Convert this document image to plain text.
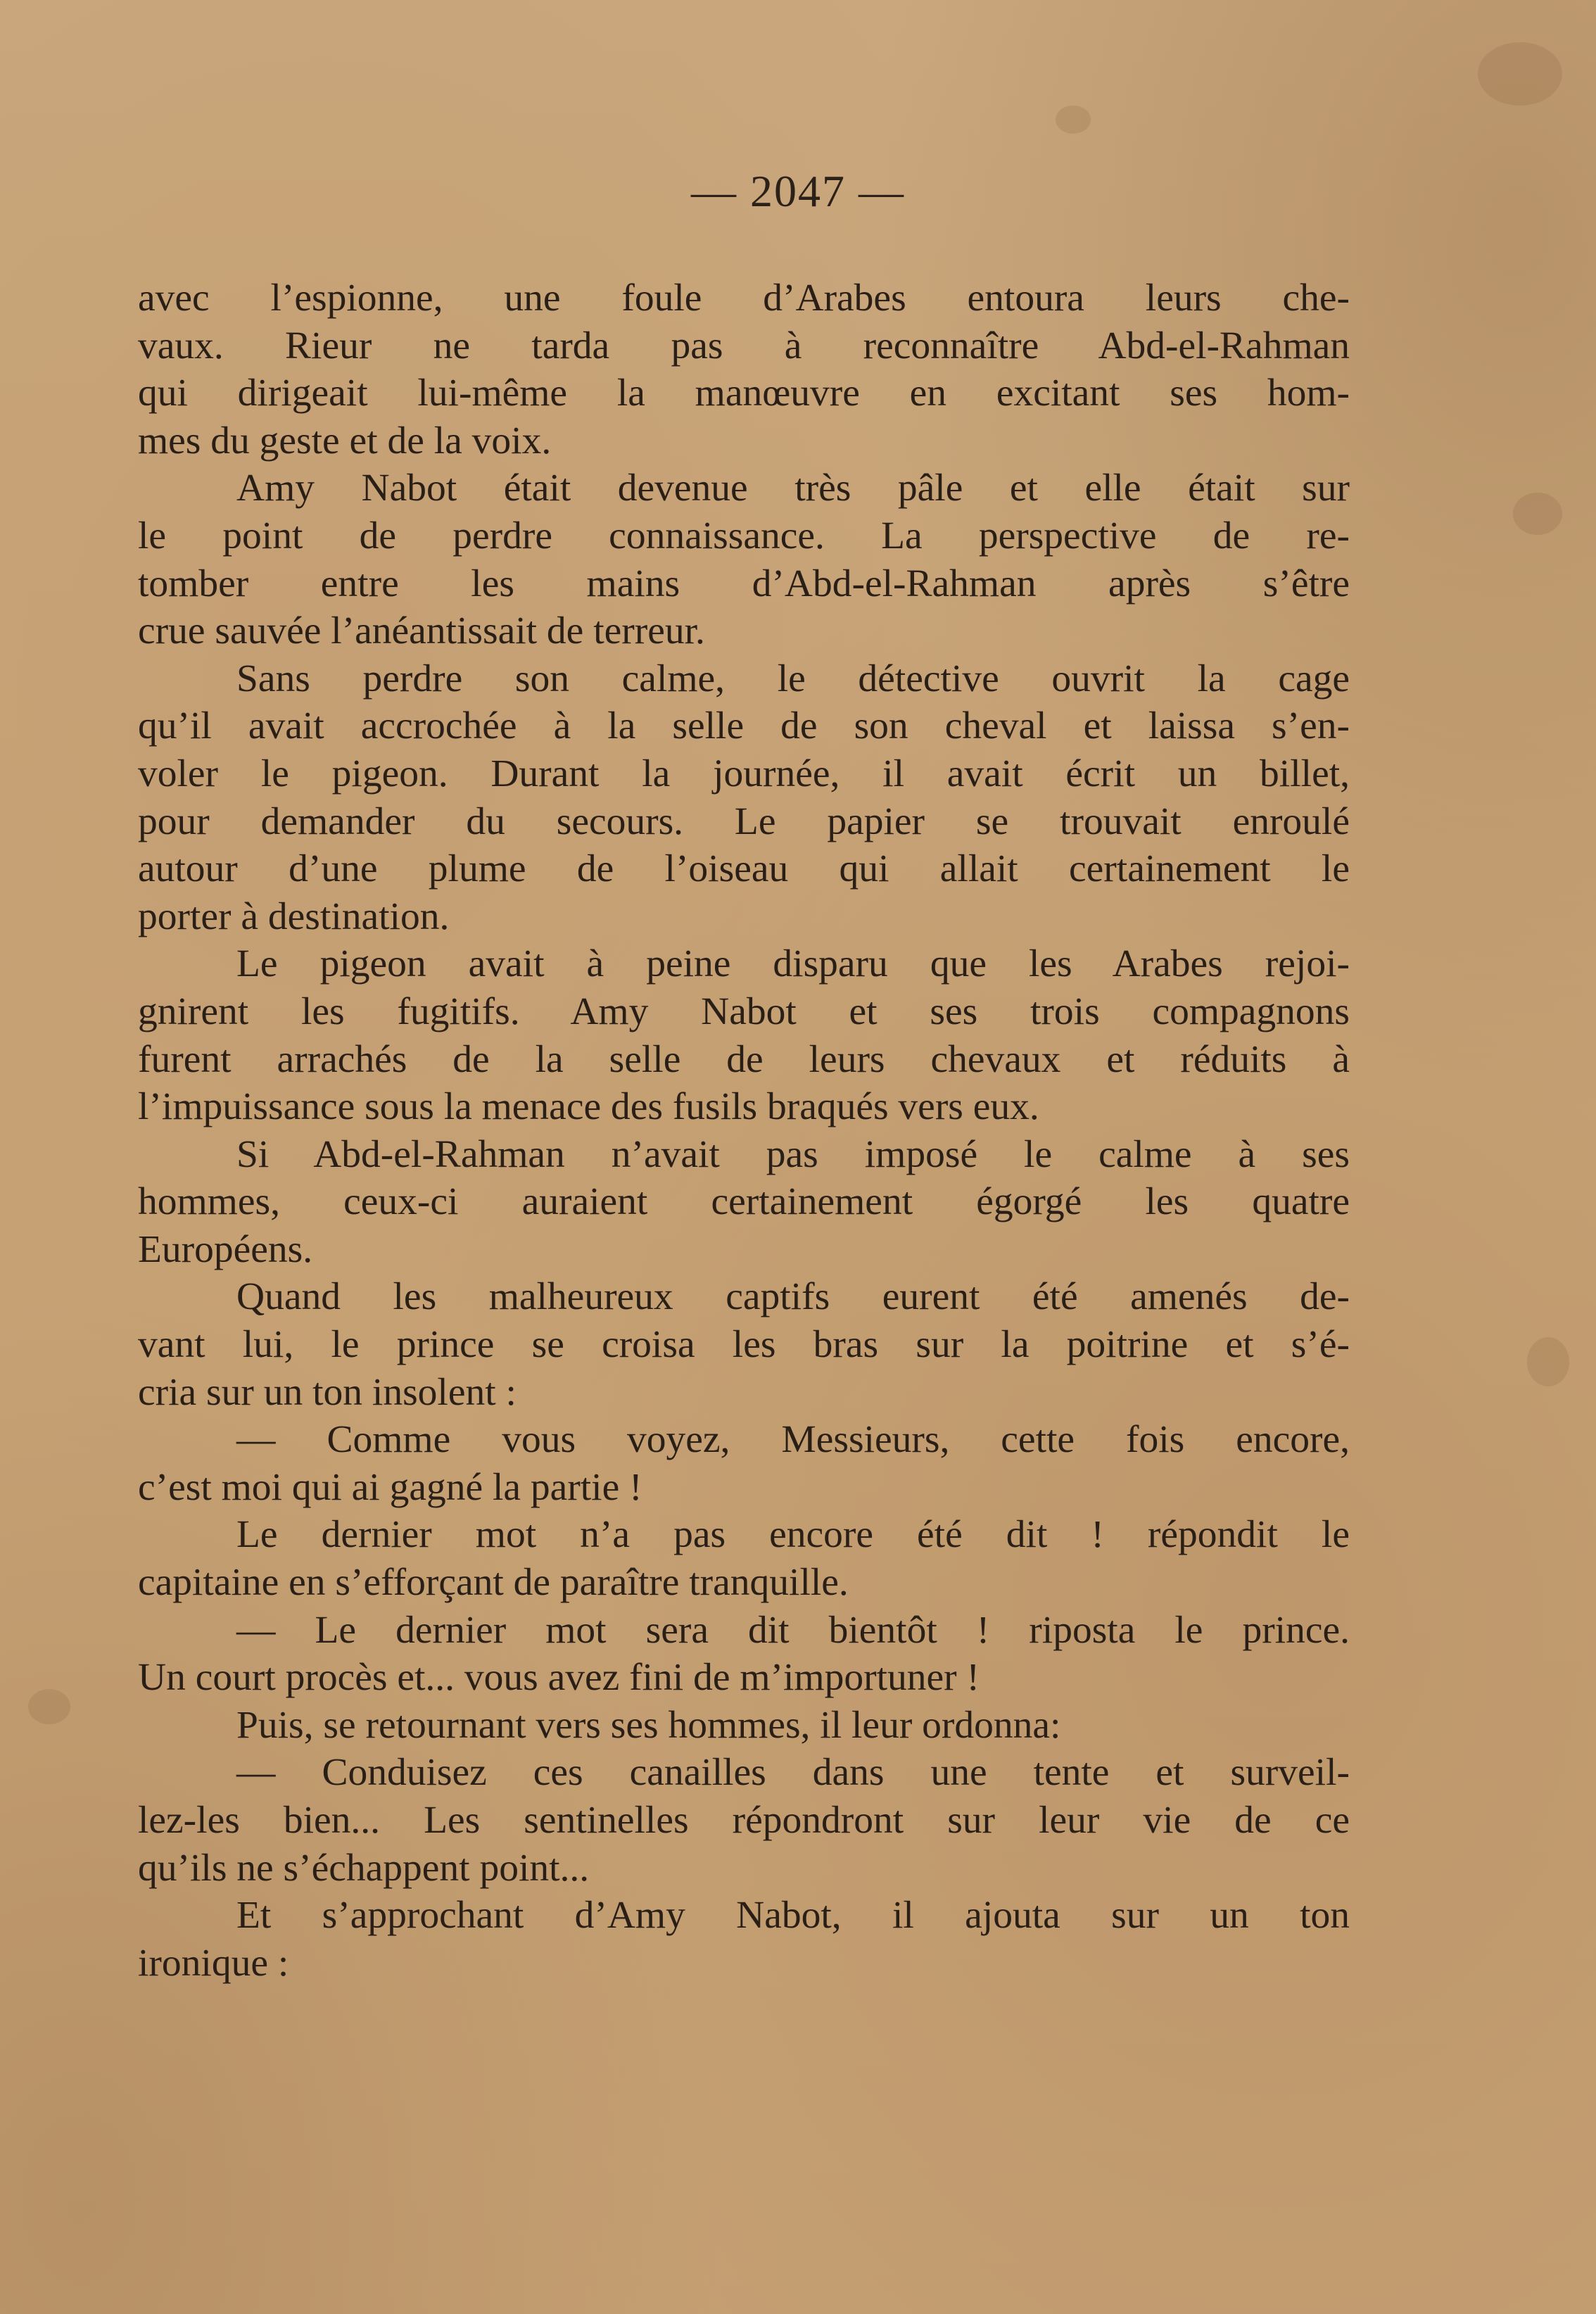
— 2047 —
avec l’espionne, une foule d’Arabes entoura leurs che-
vaux. Rieur ne tarda pas à reconnaître Abd-el-Rahman
qui dirigeait lui-même la manœuvre en excitant ses hom-
mes du geste et de la voix.
Amy Nabot était devenue très pâle et elle était sur
le point de perdre connaissance. La perspective de re-
tomber entre les mains d’Abd-el-Rahman après s’être
crue sauvée l’anéantissait de terreur.
Sans perdre son calme, le détective ouvrit la cage
qu’il avait accrochée à la selle de son cheval et laissa s’en-
voler le pigeon. Durant la journée, il avait écrit un billet,
pour demander du secours. Le papier se trouvait enroulé
autour d’une plume de l’oiseau qui allait certainement le
porter à destination.
Le pigeon avait à peine disparu que les Arabes rejoi-
gnirent les fugitifs. Amy Nabot et ses trois compagnons
furent arrachés de la selle de leurs chevaux et réduits à
l’impuissance sous la menace des fusils braqués vers eux.
Si Abd-el-Rahman n’avait pas imposé le calme à ses
hommes, ceux-ci auraient certainement égorgé les quatre
Européens.
Quand les malheureux captifs eurent été amenés de-
vant lui, le prince se croisa les bras sur la poitrine et s’é-
cria sur un ton insolent :
— Comme vous voyez, Messieurs, cette fois encore,
c’est moi qui ai gagné la partie !
Le dernier mot n’a pas encore été dit ! répondit le
capitaine en s’efforçant de paraître tranquille.
— Le dernier mot sera dit bientôt ! riposta le prince.
Un court procès et... vous avez fini de m’importuner !
Puis, se retournant vers ses hommes, il leur ordonna:
— Conduisez ces canailles dans une tente et surveil-
lez-les bien... Les sentinelles répondront sur leur vie de ce
qu’ils ne s’échappent point...
Et s’approchant d’Amy Nabot, il ajouta sur un ton
ironique :
